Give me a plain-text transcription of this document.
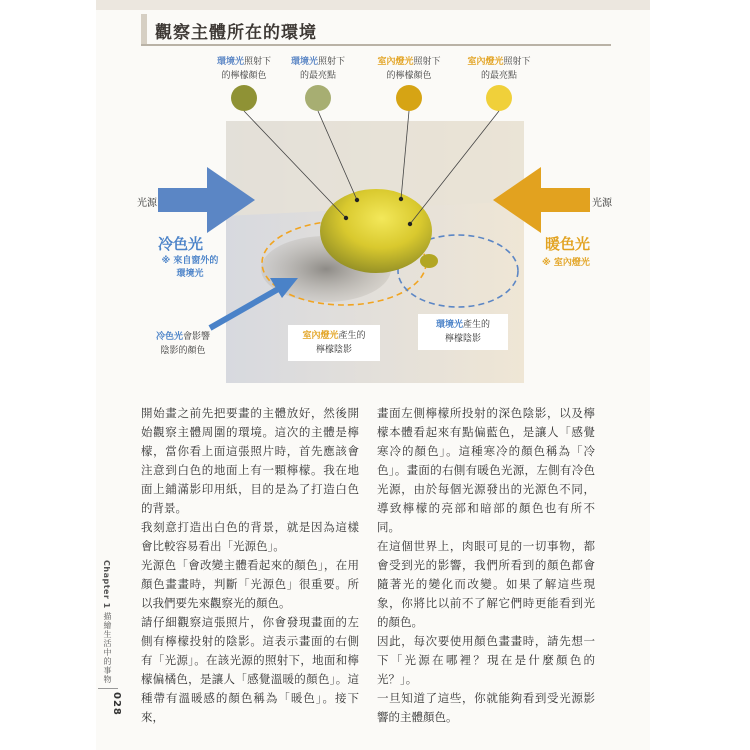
觀察主體所在的環境
環境光照射下
的檸檬顏色
環境光照射下
的最亮點
室內燈光照射下
的檸檬顏色
室內燈光照射下
的最亮點
光源	光源
冷色光
※ 來自窗外的
環境光
暖色光
※ 室內燈光
冷色光會影響
陰影的顏色
室內燈光產生的
檸檬陰影
環境光產生的
檸檬陰影

開始畫之前先把要畫的主體放好，然後開始觀察主體周圍的環境。這次的主體是檸檬，當你看上面這張照片時，首先應該會注意到白色的地面上有一顆檸檬。我在地面上鋪滿影印用紙，目的是為了打造白色的背景。

我刻意打造出白色的背景，就是因為這樣會比較容易看出「光源色」。

光源色「會改變主體看起來的顏色」，在用顏色畫畫時，判斷「光源色」很重要。所以我們要先來觀察光的顏色。

請仔細觀察這張照片，你會發現畫面的左側有檸檬投射的陰影。這表示畫面的右側有「光源」。在該光源的照射下，地面和檸檬偏橘色，是讓人「感覺溫暖的顏色」。這種帶有溫暖感的顏色稱為「暖色」。接下來，

畫面左側檸檬所投射的深色陰影，以及檸檬本體看起來有點偏藍色，是讓人「感覺寒冷的顏色」。這種寒冷的顏色稱為「冷色」。畫面的右側有暖色光源，左側有冷色光源，由於每個光源發出的光源色不同，導致檸檬的亮部和暗部的顏色也有所不同。

在這個世界上，肉眼可見的一切事物，都會受到光的影響，我們所看到的顏色都會隨著光的變化而改變。如果了解這些現象，你將比以前不了解它們時更能看到光的顏色。

因此，每次要使用顏色畫畫時，請先想一下「光源在哪裡？現在是什麼顏色的光？」。

一旦知道了這些，你就能夠看到受光源影響的主體顏色。

Chapter 1
描繪生活中的事物
028
